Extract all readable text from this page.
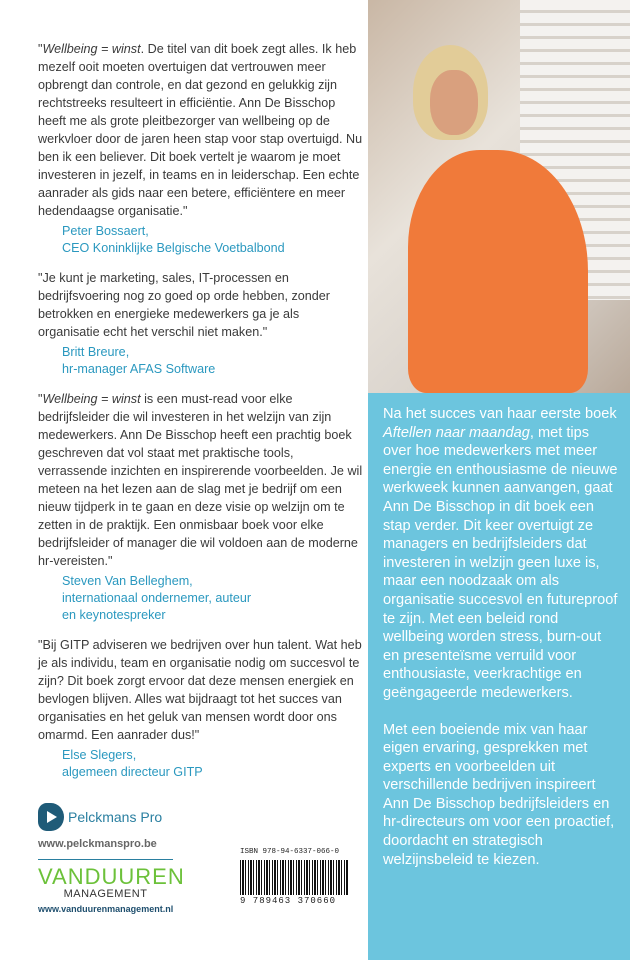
"Wellbeing = winst. De titel van dit boek zegt alles. Ik heb mezelf ooit moeten overtuigen dat vertrouwen meer opbrengt dan controle, en dat gezond en gelukkig zijn rechtstreeks resulteert in efficiëntie. Ann De Bisschop heeft me als grote pleitbezorger van wellbeing op de werkvloer door de jaren heen stap voor stap overtuigd. Nu ben ik een believer. Dit boek vertelt je waarom je moet investeren in jezelf, in teams en in leiderschap. Een echte aanrader als gids naar een betere, efficiëntere en meer hedendaagse organisatie."
Peter Bossaert,
CEO Koninklijke Belgische Voetbalbond
"Je kunt je marketing, sales, IT-processen en bedrijfsvoering nog zo goed op orde hebben, zonder betrokken en energieke medewerkers ga je als organisatie echt het verschil niet maken."
Britt Breure,
hr-manager AFAS Software
"Wellbeing = winst is een must-read voor elke bedrijfsleider die wil investeren in het welzijn van zijn medewerkers. Ann De Bisschop heeft een prachtig boek geschreven dat vol staat met praktische tools, verrassende inzichten en inspirerende voorbeelden. Je wil meteen na het lezen aan de slag met je bedrijf om een nieuw tijdperk in te gaan en deze visie op welzijn om te zetten in de praktijk. Een onmisbaar boek voor elke bedrijfsleider of manager die wil voldoen aan de moderne hr-vereisten."
Steven Van Belleghem,
internationaal ondernemer, auteur
en keynotespreker
"Bij GITP adviseren we bedrijven over hun talent. Wat heb je als individu, team en organisatie nodig om succesvol te zijn? Dit boek zorgt ervoor dat deze mensen energiek en bevlogen blijven. Alles wat bijdraagt tot het succes van organisaties en het geluk van mensen wordt door ons omarmd. Een aanrader dus!"
Else Slegers,
algemeen directeur GITP
Pelckmans Pro
www.pelckmanspro.be
VANDUUREN
MANAGEMENT
www.vanduurenmanagement.nl
ISBN 978-94-6337-066-0
9 789463 370660

Na het succes van haar eerste boek Aftellen naar maandag, met tips over hoe medewerkers met meer energie en enthousiasme de nieuwe werkweek kunnen aanvangen, gaat Ann De Bisschop in dit boek een stap verder. Dit keer overtuigt ze managers en bedrijfsleiders dat investeren in welzijn geen luxe is, maar een noodzaak om als organisatie succesvol en futureproof te zijn. Met een beleid rond wellbeing worden stress, burn-out en presenteïsme verruild voor enthousiaste, veerkrachtige en geëngageerde medewerkers.

Met een boeiende mix van haar eigen ervaring, gesprekken met experts en voorbeelden uit verschillende bedrijven inspireert Ann De Bisschop bedrijfsleiders en hr-directeurs om voor een proactief, doordacht en strategisch welzijnsbeleid te kiezen.
